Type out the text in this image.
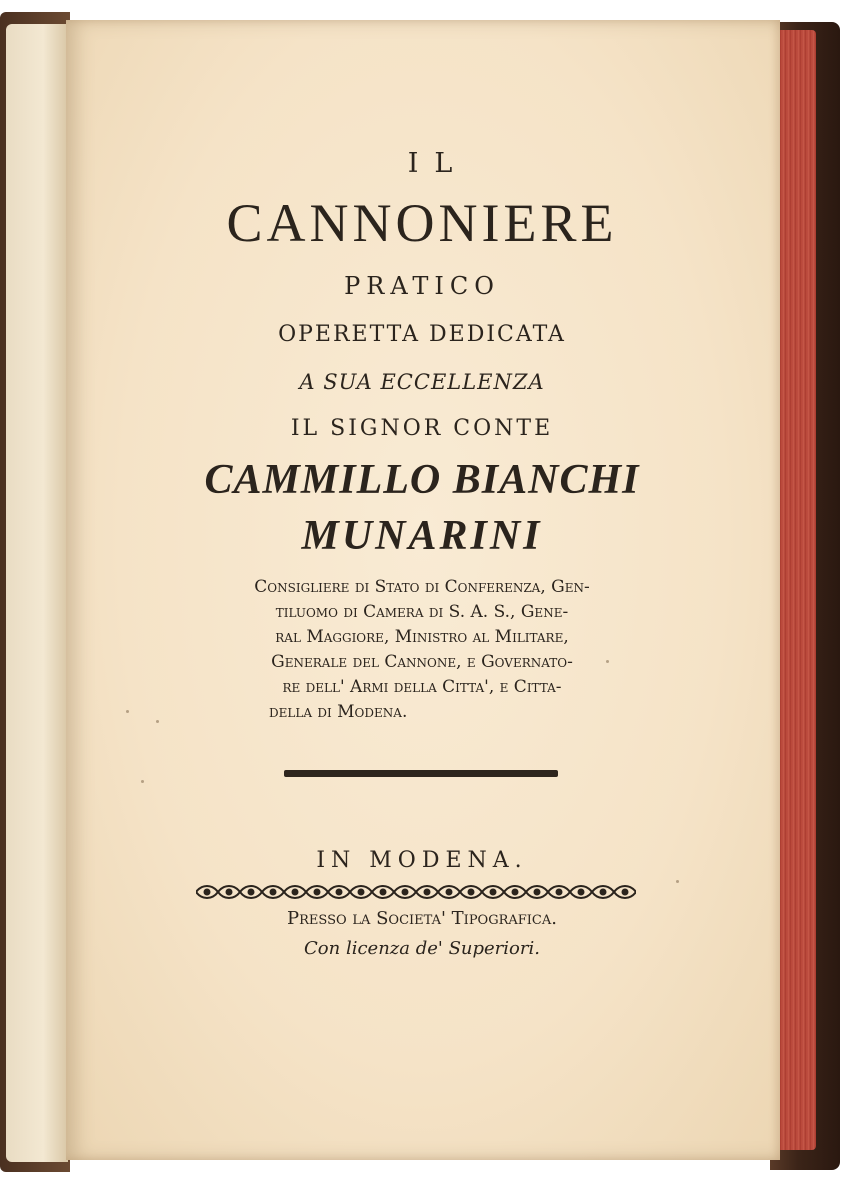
IL
CANNONIERE
PRATICO
OPERETTA DEDICATA
A SUA ECCELLENZA
IL SIGNOR CONTE
CAMMILLO BIANCHI
MUNARINI
Consigliere di Stato di Conferenza, Gen-
tiluomo di Camera di S. A. S., Gene-
ral Maggiore, Ministro al Militare,
Generale del Cannone, e Governato-
re dell' Armi della Citta', e Citta-
della di Modena.
IN MODENA.
Presso la Societa' Tipografica.
Con licenza de' Superiori.
